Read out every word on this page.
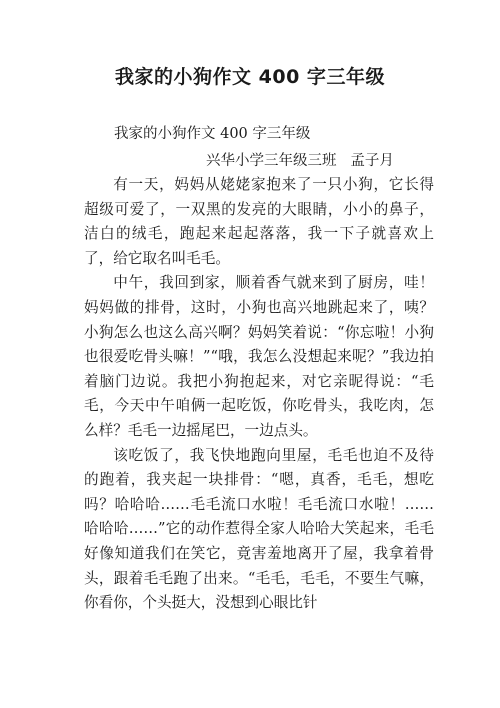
我家的小狗作文 400 字三年级
我家的小狗作文 400 字三年级
兴华小学三年级三班   孟子月

有一天，妈妈从姥姥家抱来了一只小狗，它长得超级可爱了，一双黑的发亮的大眼睛，小小的鼻子，洁白的绒毛，跑起来起起落落，我一下子就喜欢上了，给它取名叫毛毛。

中午，我回到家，顺着香气就来到了厨房，哇！妈妈做的排骨，这时，小狗也高兴地跳起来了，咦？小狗怎么也这么高兴啊？妈妈笑着说：“你忘啦！小狗也很爱吃骨头嘛！”“哦，我怎么没想起来呢？”我边拍着脑门边说。我把小狗抱起来，对它亲昵得说：“毛毛，今天中午咱俩一起吃饭，你吃骨头，我吃肉，怎么样？毛毛一边摇尾巴，一边点头。

该吃饭了，我飞快地跑向里屋，毛毛也迫不及待的跑着，我夹起一块排骨：“嗯，真香，毛毛，想吃吗？哈哈哈……毛毛流口水啦！毛毛流口水啦！……哈哈哈……”它的动作惹得全家人哈哈大笑起来，毛毛好像知道我们在笑它，竟害羞地离开了屋，我拿着骨头，跟着毛毛跑了出来。“毛毛，毛毛，不要生气嘛，你看你，个头挺大，没想到心眼比针
